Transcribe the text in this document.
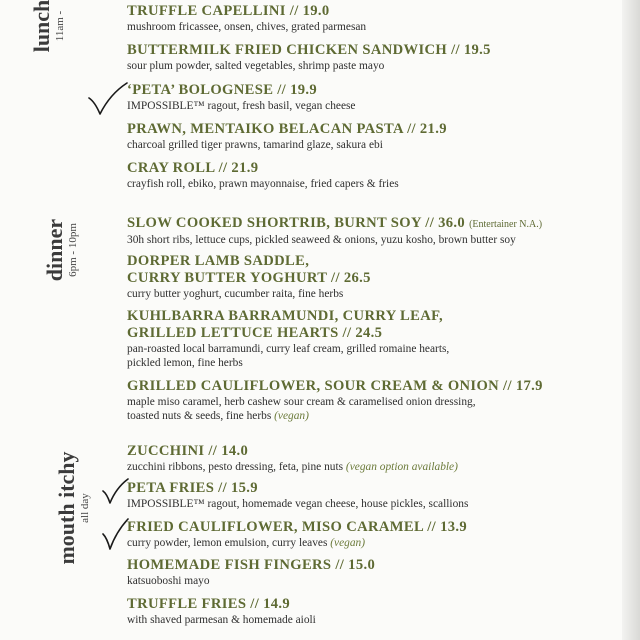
lunch 11am -
dinner 6pm - 10pm
mouth itchy all day
TRUFFLE CAPELLINI // 19.0
mushroom fricassee, onsen, chives, grated parmesan
BUTTERMILK FRIED CHICKEN SANDWICH // 19.5
sour plum powder, salted vegetables, shrimp paste mayo
‘PETA’ BOLOGNESE // 19.9
IMPOSSIBLE™ ragout, fresh basil, vegan cheese
PRAWN, MENTAIKO BELACAN PASTA // 21.9
charcoal grilled tiger prawns, tamarind glaze, sakura ebi
CRAY ROLL // 21.9
crayfish roll, ebiko, prawn mayonnaise, fried capers & fries
SLOW COOKED SHORTRIB, BURNT SOY // 36.0 (Entertainer N.A.)
30h short ribs, lettuce cups, pickled seaweed & onions, yuzu kosho, brown butter soy
DORPER LAMB SADDLE,
CURRY BUTTER YOGHURT // 26.5
curry butter yoghurt, cucumber raita, fine herbs
KUHLBARRA BARRAMUNDI, CURRY LEAF,
GRILLED LETTUCE HEARTS // 24.5
pan-roasted local barramundi, curry leaf cream, grilled romaine hearts,
pickled lemon, fine herbs
GRILLED CAULIFLOWER, SOUR CREAM & ONION // 17.9
maple miso caramel, herb cashew sour cream & caramelised onion dressing,
toasted nuts & seeds, fine herbs (vegan)
ZUCCHINI // 14.0
zucchini ribbons, pesto dressing, feta, pine nuts (vegan option available)
PETA FRIES // 15.9
IMPOSSIBLE™ ragout, homemade vegan cheese, house pickles, scallions
FRIED CAULIFLOWER, MISO CARAMEL // 13.9
curry powder, lemon emulsion, curry leaves (vegan)
HOMEMADE FISH FINGERS // 15.0
katsuoboshi mayo
TRUFFLE FRIES // 14.9
with shaved parmesan & homemade aioli
